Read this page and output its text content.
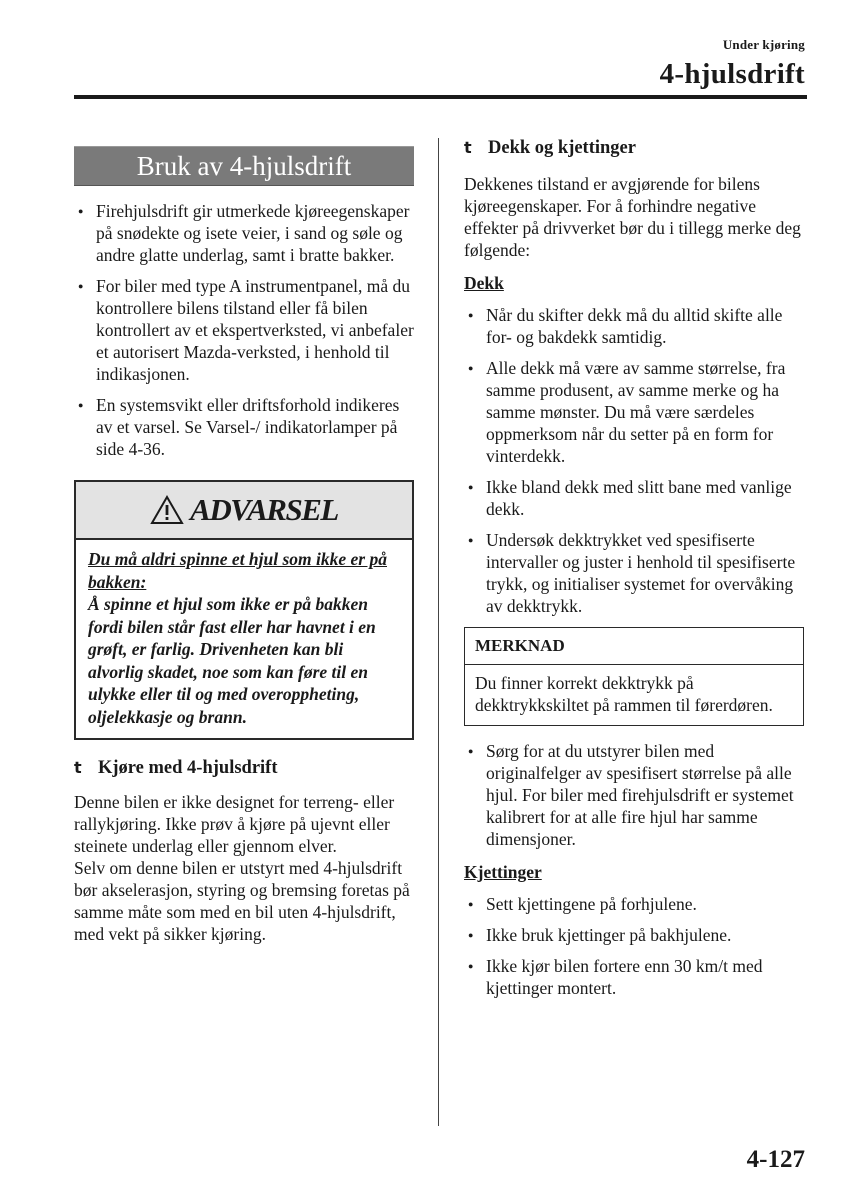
Under kjøring
4-hjulsdrift
Bruk av 4-hjulsdrift
● Firehjulsdrift gir utmerkede kjøreegenskaper på snødekte og isete veier, i sand og søle og andre glatte underlag, samt i bratte bakker.
● For biler med type A instrumentpanel, må du kontrollere bilens tilstand eller få bilen kontrollert av et ekspertverksted, vi anbefaler et autorisert Mazda-verksted, i henhold til indikasjonen.
● En systemsvikt eller driftsforhold indikeres av et varsel. Se Varsel-/ indikatorlamper på side 4-36.
ADVARSEL
Du må aldri spinne et hjul som ikke er på bakken:
Å spinne et hjul som ikke er på bakken fordi bilen står fast eller har havnet i en grøft, er farlig. Drivenheten kan bli alvorlig skadet, noe som kan føre til en ulykke eller til og med overoppheting, oljelekkasje og brann.
t Kjøre med 4-hjulsdrift
Denne bilen er ikke designet for terreng- eller rallykjøring. Ikke prøv å kjøre på ujevnt eller steinete underlag eller gjennom elver.
Selv om denne bilen er utstyrt med 4-hjulsdrift bør akselerasjon, styring og bremsing foretas på samme måte som med en bil uten 4-hjulsdrift, med vekt på sikker kjøring.
t Dekk og kjettinger
Dekkenes tilstand er avgjørende for bilens kjøreegenskaper. For å forhindre negative effekter på drivverket bør du i tillegg merke deg følgende:
Dekk
● Når du skifter dekk må du alltid skifte alle for- og bakdekk samtidig.
● Alle dekk må være av samme størrelse, fra samme produsent, av samme merke og ha samme mønster. Du må være særdeles oppmerksom når du setter på en form for vinterdekk.
● Ikke bland dekk med slitt bane med vanlige dekk.
● Undersøk dekktrykket ved spesifiserte intervaller og juster i henhold til spesifiserte trykk, og initialiser systemet for overvåking av dekktrykk.
MERKNAD
Du finner korrekt dekktrykk på dekktrykkskiltet på rammen til førerdøren.
● Sørg for at du utstyrer bilen med originalfelger av spesifisert størrelse på alle hjul. For biler med firehjulsdrift er systemet kalibrert for at alle fire hjul har samme dimensjoner.
Kjettinger
● Sett kjettingene på forhjulene.
● Ikke bruk kjettinger på bakhjulene.
● Ikke kjør bilen fortere enn 30 km/t med kjettinger montert.
4-127
